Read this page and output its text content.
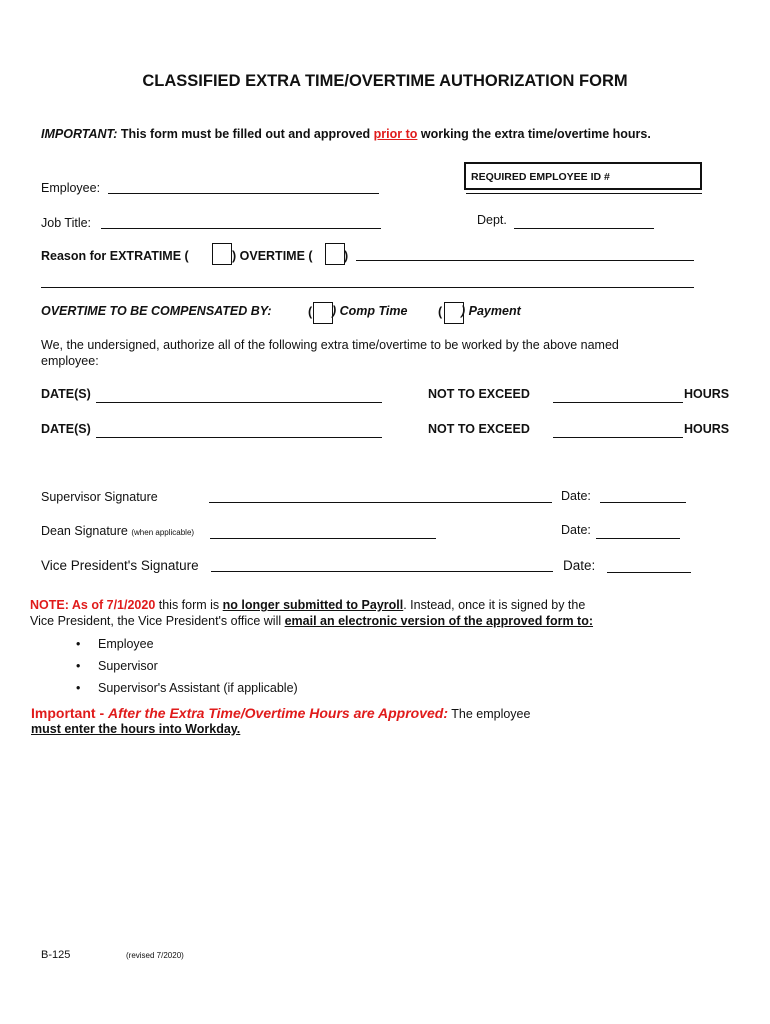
CLASSIFIED EXTRA TIME/OVERTIME AUTHORIZATION FORM
IMPORTANT: This form must be filled out and approved prior to working the extra time/overtime hours.
REQUIRED EMPLOYEE ID #
Employee:
Job Title:	Dept.
Reason for EXTRATIME (	) OVERTIME (	)
OVERTIME TO BE COMPENSATED BY:	( ) Comp Time ( ) Payment
We, the undersigned, authorize all of the following extra time/overtime to be worked by the above named
employee:
DATE(S)	NOT TO EXCEED	HOURS
DATE(S)	NOT TO EXCEED	HOURS
Supervisor Signature	Date:
Dean Signature (when applicable)	Date:
Vice President's Signature	Date:
NOTE: As of 7/1/2020 this form is no longer submitted to Payroll. Instead, once it is signed by the
Vice President, the Vice President's office will email an electronic version of the approved form to:
• Employee
• Supervisor
• Supervisor's Assistant (if applicable)
Important - After the Extra Time/Overtime Hours are Approved: The employee
must enter the hours into Workday.
B-125	(revised 7/2020)
